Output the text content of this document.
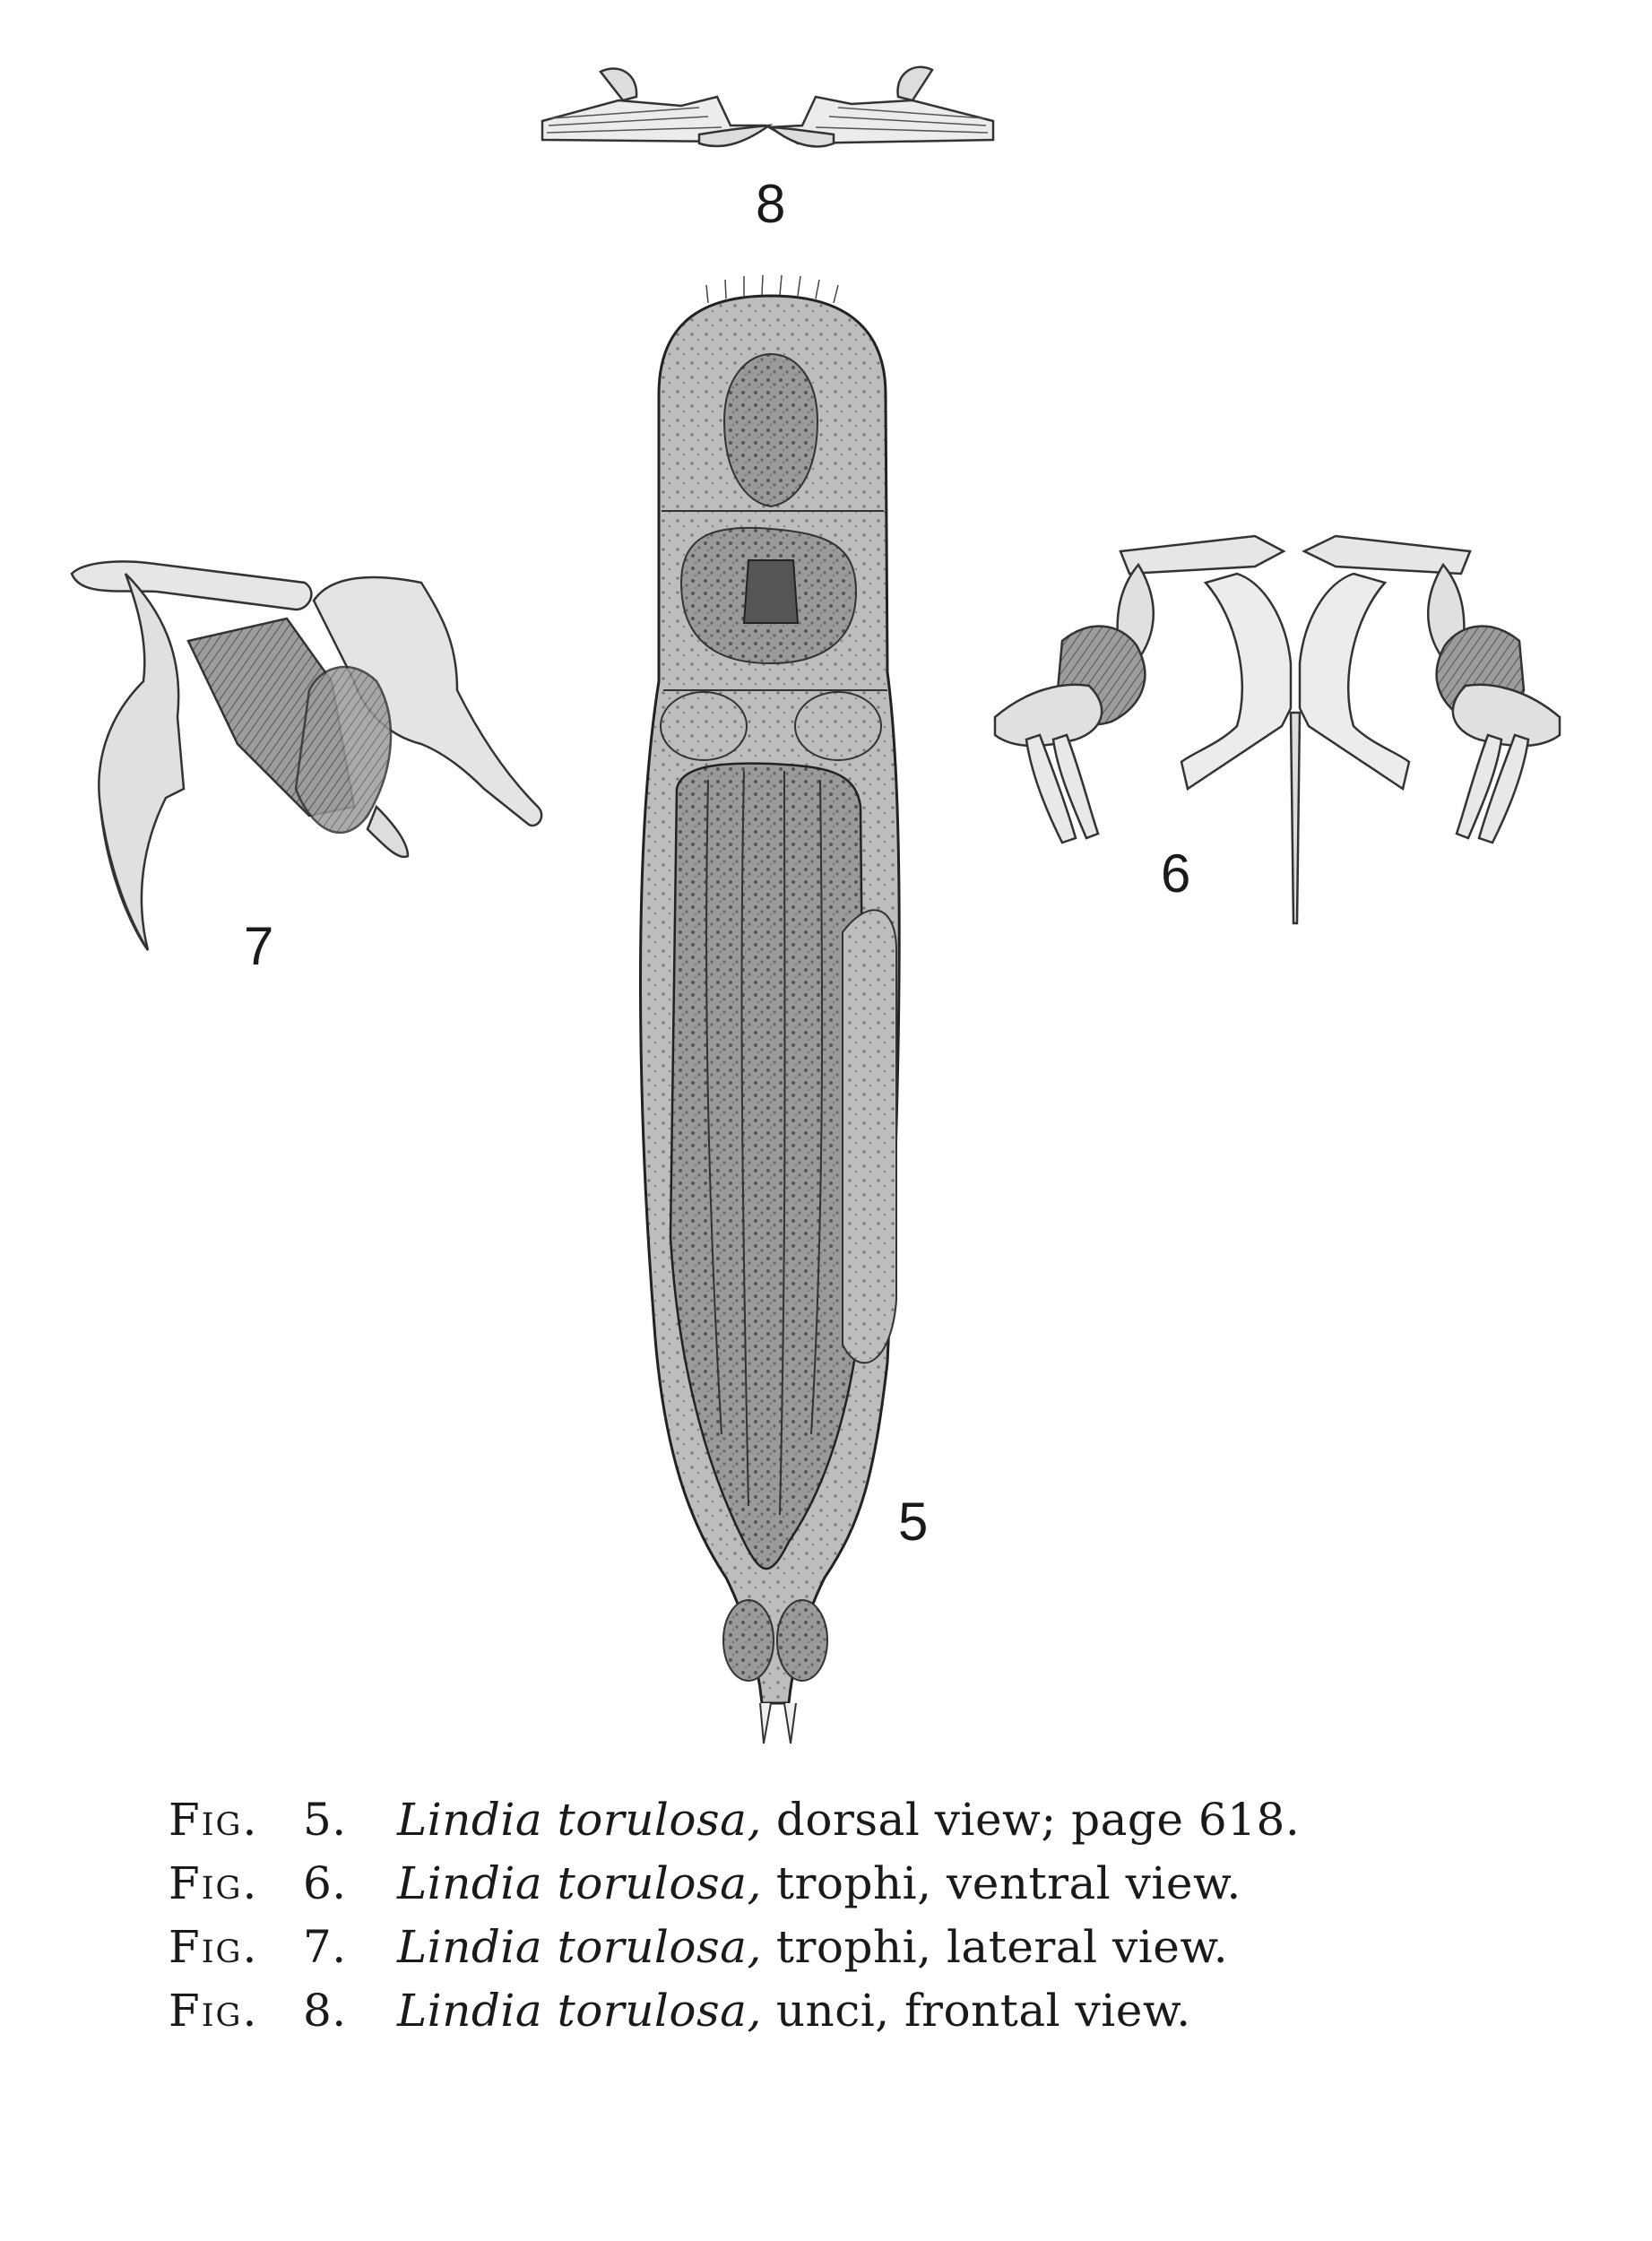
8
5
7
6
Fig. 5.	Lindia torulosa, dorsal view; page 618.
Fig. 6.	Lindia torulosa, trophi, ventral view.
Fig. 7.	Lindia torulosa, trophi, lateral view.
Fig. 8.	Lindia torulosa, unci, frontal view.
